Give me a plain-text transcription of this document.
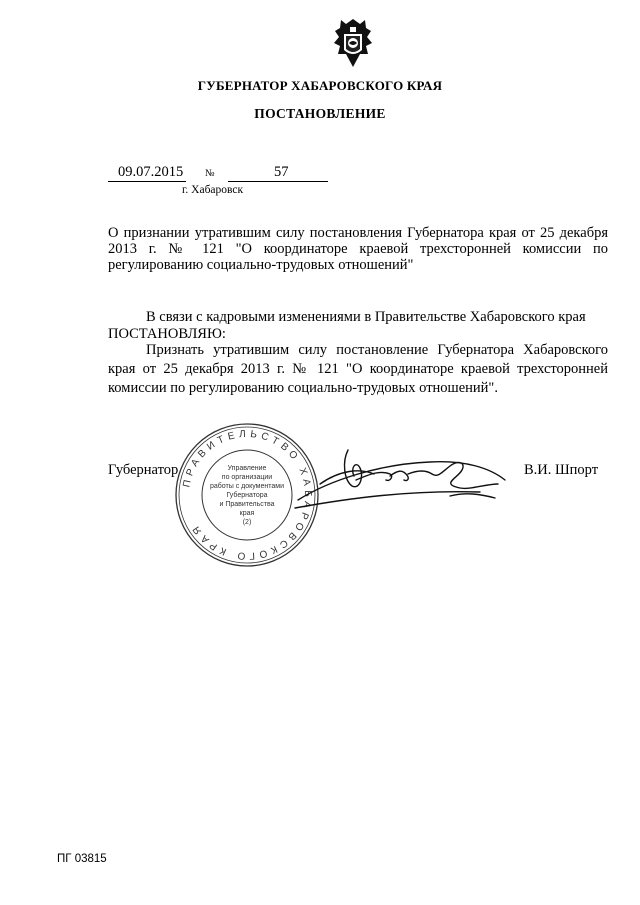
ГУБЕРНАТОР ХАБАРОВСКОГО КРАЯ
ПОСТАНОВЛЕНИЕ
09.07.2015 №	57
г. Хабаровск
О признании утратившим силу постановления Губернатора края от 25 декабря 2013 г. № 121 "О координаторе краевой трехсторонней комиссии по регулированию социально-трудовых отношений"
В связи с кадровыми изменениями в Правительстве Хабаровского края
ПОСТАНОВЛЯЮ:
Признать утратившим силу постановление Губернатора Хабаровского края от 25 декабря 2013 г. № 121 "О координаторе краевой трехсторонней комиссии по регулированию социально-трудовых отношений".
Губернатор	В.И. Шпорт
ПРАВИТЕЛЬСТВО ХАБАРОВСКОГО КРАЯ
Управление
по организации
работы с документами
Губернатора
и Правительства
края
(2)
ПГ 03815
